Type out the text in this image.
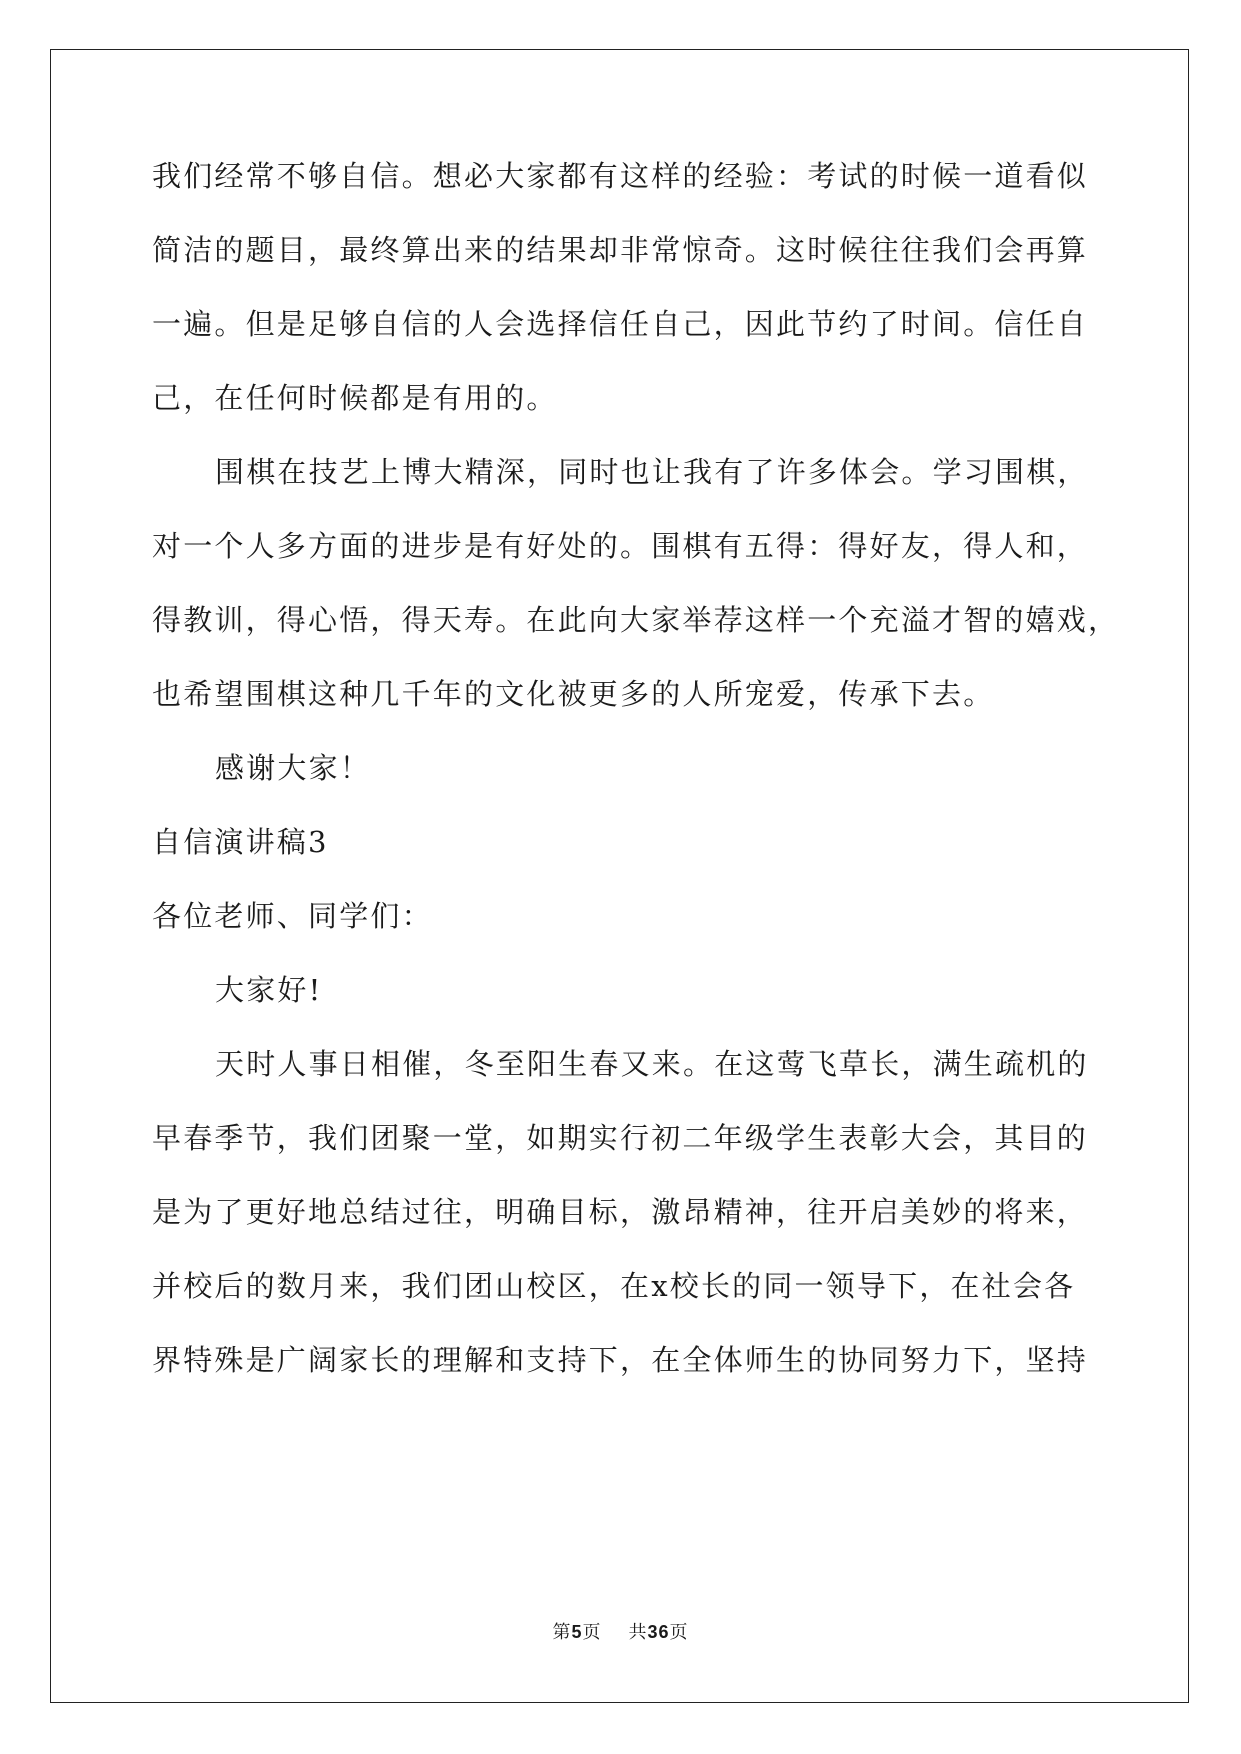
我们经常不够自信。想必大家都有这样的经验：考试的时候一道看似
简洁的题目，最终算出来的结果却非常惊奇。这时候往往我们会再算
一遍。但是足够自信的人会选择信任自己，因此节约了时间。信任自
己，在任何时候都是有用的。
围棋在技艺上博大精深，同时也让我有了许多体会。学习围棋，
对一个人多方面的进步是有好处的。围棋有五得：得好友，得人和，
得教训，得心悟，得天寿。在此向大家举荐这样一个充溢才智的嬉戏，
也希望围棋这种几千年的文化被更多的人所宠爱，传承下去。
感谢大家！
自信演讲稿3
各位老师、同学们：
大家好!
天时人事日相催，冬至阳生春又来。在这莺飞草长，满生疏机的
早春季节，我们团聚一堂，如期实行初二年级学生表彰大会，其目的
是为了更好地总结过往，明确目标，激昂精神，往开启美妙的将来，
并校后的数月来，我们团山校区，在x校长的同一领导下，在社会各
界特殊是广阔家长的理解和支持下，在全体师生的协同努力下，坚持
第5页 共36页
